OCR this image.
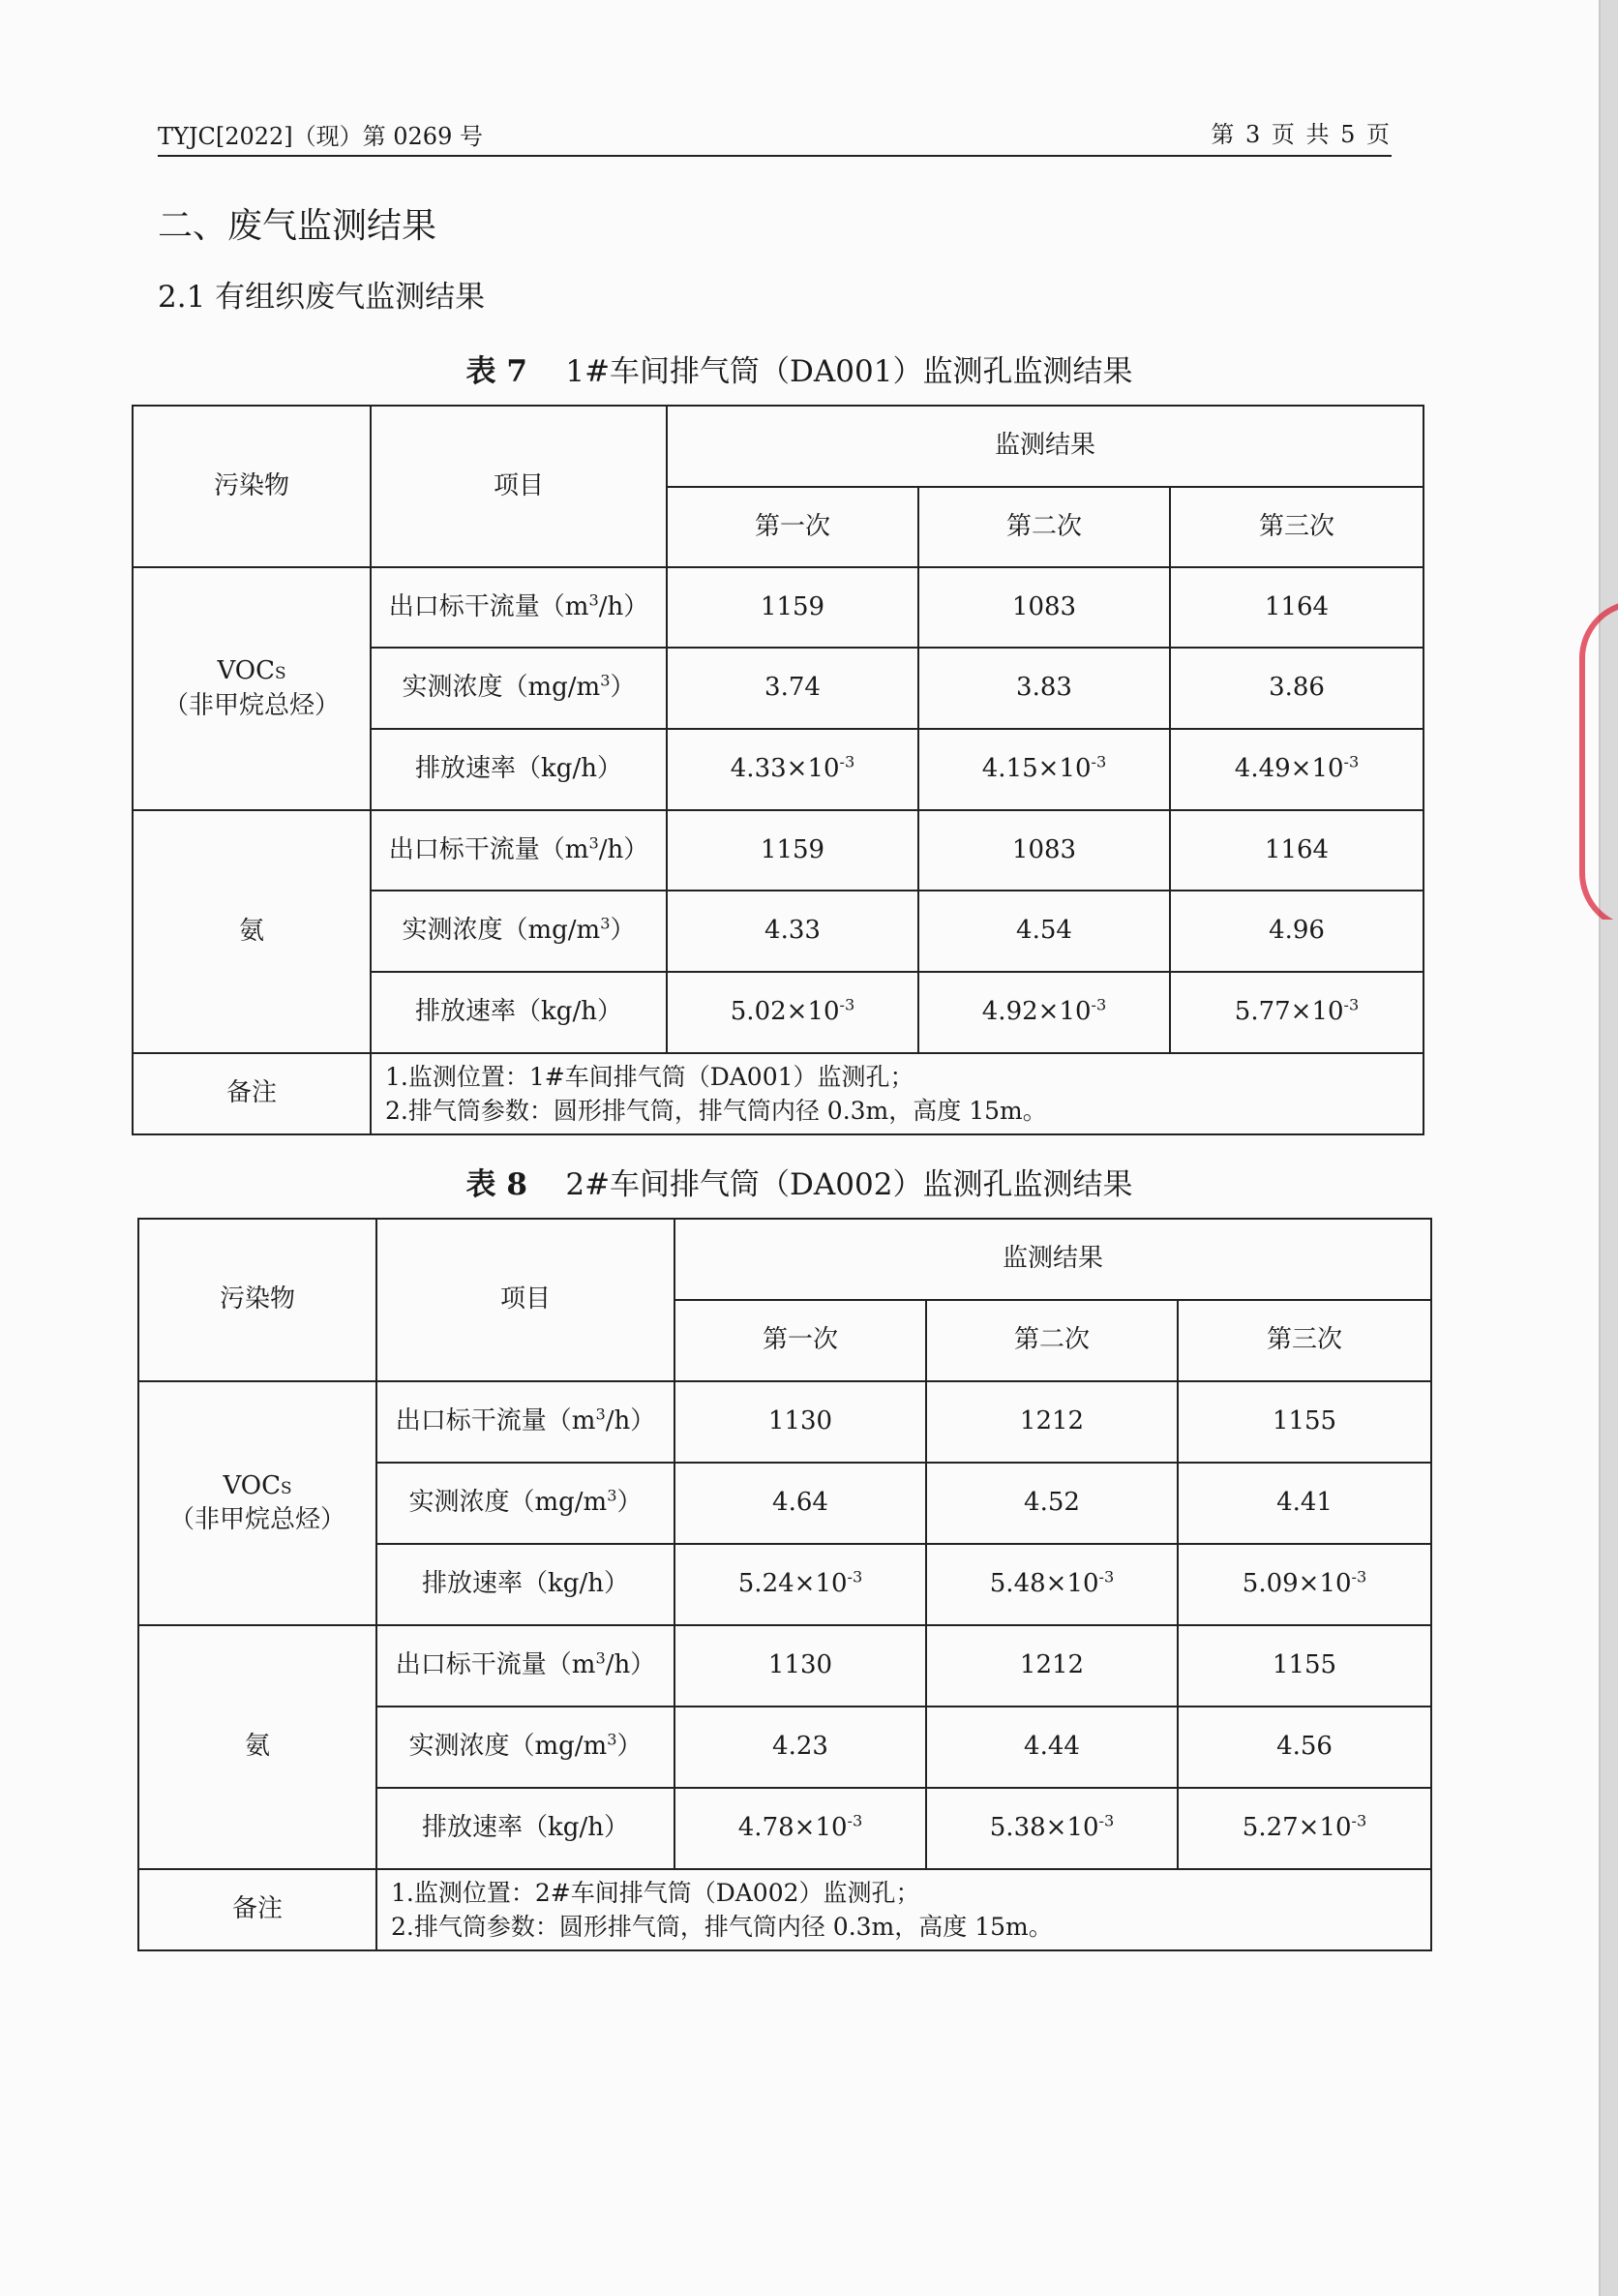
TYJC[2022]（现）第 0269 号	第 3 页 共 5 页
二、废气监测结果
2.1 有组织废气监测结果
表 7 1#车间排气筒（DA001）监测孔监测结果
污染物	项目	监测结果		
		第一次	第二次	第三次
VOCS
（非甲烷总烃）	出口标干流量$(m^3/h)$	1159	1083	1164
	实测浓度$(mg/m^3)$	3.74	3.83	3.86
	排放速率（kg/h）	$4.33\times 10^{-3}$	$4.15\times 10^{-3}$	$4.49\times 10^{-3}$
氨	出口标干流量$(m^3/h)$	1159	1083	1164
	实测浓度$(mg/m^3)$	4.33	4.54	4.96
	排放速率（kg/h）	$5.02\times 10^{-3}$	$4.92\times 10^{-3}$	$5.77\times 10^{-3}$
备注	1.监测位置：1#车间排气筒（DA001）监测孔；
2.排气筒参数：圆形排气筒，排气筒内径 0.3m，高度 15m。			
表 8 2#车间排气筒（DA002）监测孔监测结果
污染物	项目	监测结果		
		第一次	第二次	第三次
VOCS
（非甲烷总烃）	出口标干流量$(m^3/h)$	1130	1212	1155
	实测浓度$(mg/m^3)$	4.64	4.52	4.41
	排放速率（kg/h）	$5.24\times 10^{-3}$	$5.48\times 10^{-3}$	$5.09\times 10^{-3}$
氨	出口标干流量$(m^3/h)$	1130	1212	1155
	实测浓度$(mg/m^3)$	4.23	4.44	4.56
	排放速率（kg/h）	$4.78\times 10^{-3}$	$5.38\times 10^{-3}$	$5.27\times 10^{-3}$
备注	1.监测位置：2#车间排气筒（DA002）监测孔；
2.排气筒参数：圆形排气筒，排气筒内径 0.3m，高度 15m。			
